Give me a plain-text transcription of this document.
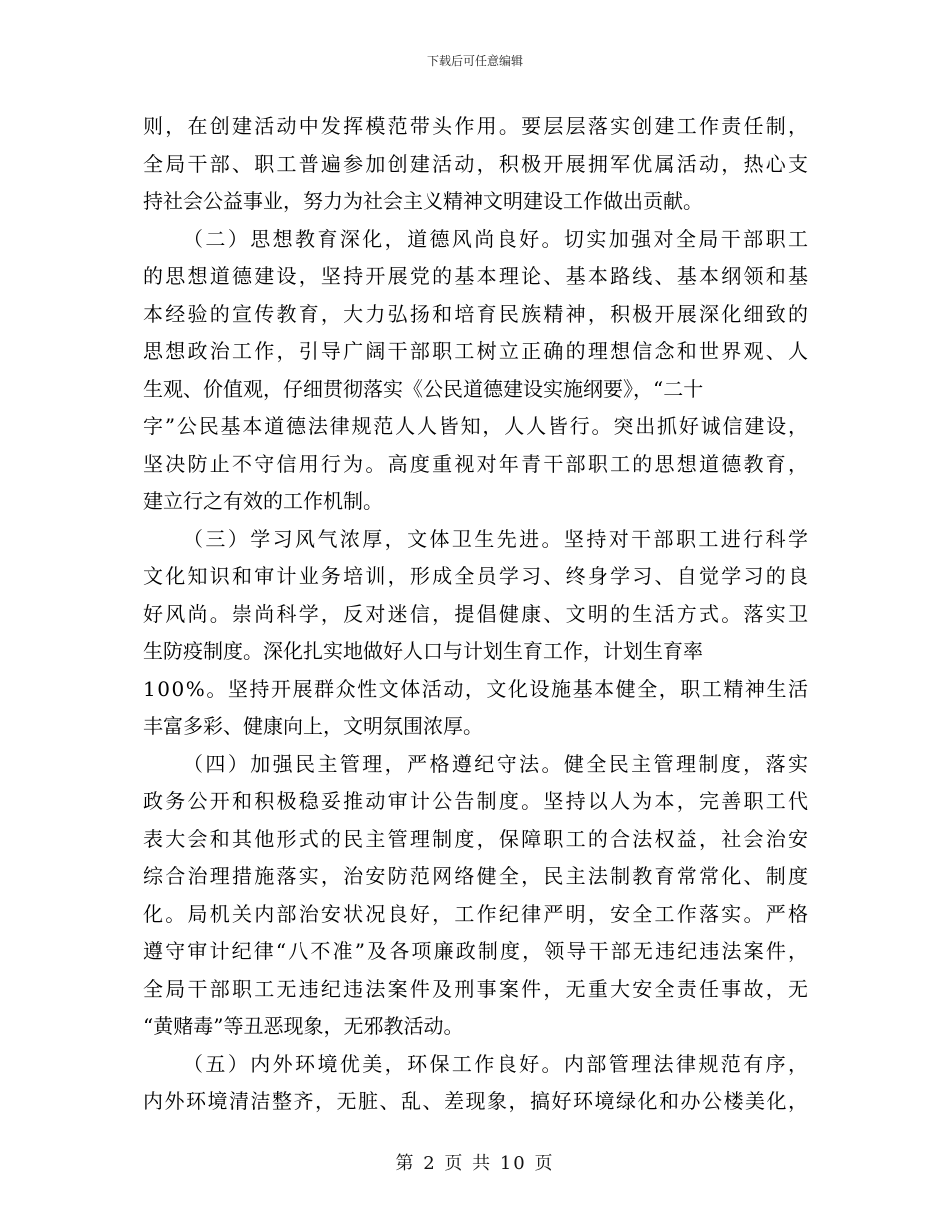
下载后可任意编辑
则，在创建活动中发挥模范带头作用。要层层落实创建工作责任制，
全局干部、职工普遍参加创建活动，积极开展拥军优属活动，热心支
持社会公益事业，努力为社会主义精神文明建设工作做出贡献。
（二）思想教育深化，道德风尚良好。切实加强对全局干部职工
的思想道德建设，坚持开展党的基本理论、基本路线、基本纲领和基
本经验的宣传教育，大力弘扬和培育民族精神，积极开展深化细致的
思想政治工作，引导广阔干部职工树立正确的理想信念和世界观、人
生观、价值观，仔细贯彻落实《公民道德建设实施纲要》，“二十
字”公民基本道德法律规范人人皆知，人人皆行。突出抓好诚信建设，
坚决防止不守信用行为。高度重视对年青干部职工的思想道德教育，
建立行之有效的工作机制。
（三）学习风气浓厚，文体卫生先进。坚持对干部职工进行科学
文化知识和审计业务培训，形成全员学习、终身学习、自觉学习的良
好风尚。崇尚科学，反对迷信，提倡健康、文明的生活方式。落实卫
生防疫制度。深化扎实地做好人口与计划生育工作，计划生育率
100%。坚持开展群众性文体活动，文化设施基本健全，职工精神生活
丰富多彩、健康向上，文明氛围浓厚。
（四）加强民主管理，严格遵纪守法。健全民主管理制度，落实
政务公开和积极稳妥推动审计公告制度。坚持以人为本，完善职工代
表大会和其他形式的民主管理制度，保障职工的合法权益，社会治安
综合治理措施落实，治安防范网络健全，民主法制教育常常化、制度
化。局机关内部治安状况良好，工作纪律严明，安全工作落实。严格
遵守审计纪律“八不准”及各项廉政制度，领导干部无违纪违法案件，
全局干部职工无违纪违法案件及刑事案件，无重大安全责任事故，无
“黄赌毒”等丑恶现象，无邪教活动。
（五）内外环境优美，环保工作良好。内部管理法律规范有序，
内外环境清洁整齐，无脏、乱、差现象，搞好环境绿化和办公楼美化，
第 2 页 共 10 页
